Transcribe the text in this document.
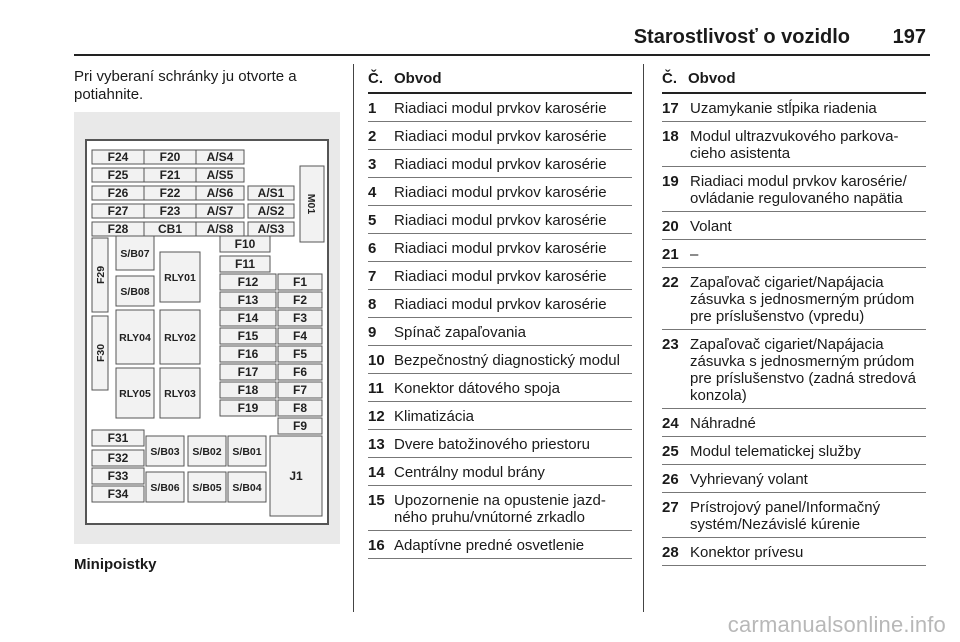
Starostlivosť o vozidlo 197

Pri vyberaní schránky ju otvorte a potiahnite.

F24	F20 A/S4
F25	F21 A/S5
F26	F22 A/S6 A/S1
F27	F23 A/S7 A/S2
F28 CB1 A/S8 A/S3
M01
F29
S/B07
F10
RLY01
F11
F12	F1
S/B08
F13	F2
F30
F14	F3
RLY04 RLY02	F15	F4
F16	F5
F17	F6
RLY05 RLY03	F18	F7
F19	F8
F9
F31
S/B03 S/B02 S/B01
F32
J1
F33
S/B06 S/B05 S/B04
F34
Minipoistky
Č. Obvod
1 Riadiaci modul prvkov karosérie
2 Riadiaci modul prvkov karosérie
3 Riadiaci modul prvkov karosérie
4 Riadiaci modul prvkov karosérie
5 Riadiaci modul prvkov karosérie
6 Riadiaci modul prvkov karosérie
7 Riadiaci modul prvkov karosérie
8 Riadiaci modul prvkov karosérie
9 Spínač zapaľovania
10 Bezpečnostný diagnostický modul
11 Konektor dátového spoja
12 Klimatizácia
13 Dvere batožinového priestoru
14 Centrálny modul brány
15 Upozornenie na opustenie jazdného pruhu/vnútorné zrkadlo
16 Adaptívne predné osvetlenie
Č. Obvod
17 Uzamykanie stĺpika riadenia
18 Modul ultrazvukového parkovacieho asistenta
19 Riadiaci modul prvkov karosérie/ ovládanie regulovaného napätia
20 Volant
21 –
22 Zapaľovač cigariet/Napájacia zásuvka s jednosmerným prúdom pre príslušenstvo (vpredu)
23 Zapaľovač cigariet/Napájacia zásuvka s jednosmerným prúdom pre príslušenstvo (zadná stredová konzola)
24 Náhradné
25 Modul telematickej služby
26 Vyhrievaný volant
27 Prístrojový panel/Informačný systém/Nezávislé kúrenie
28 Konektor prívesu
carmanualsonline.info
